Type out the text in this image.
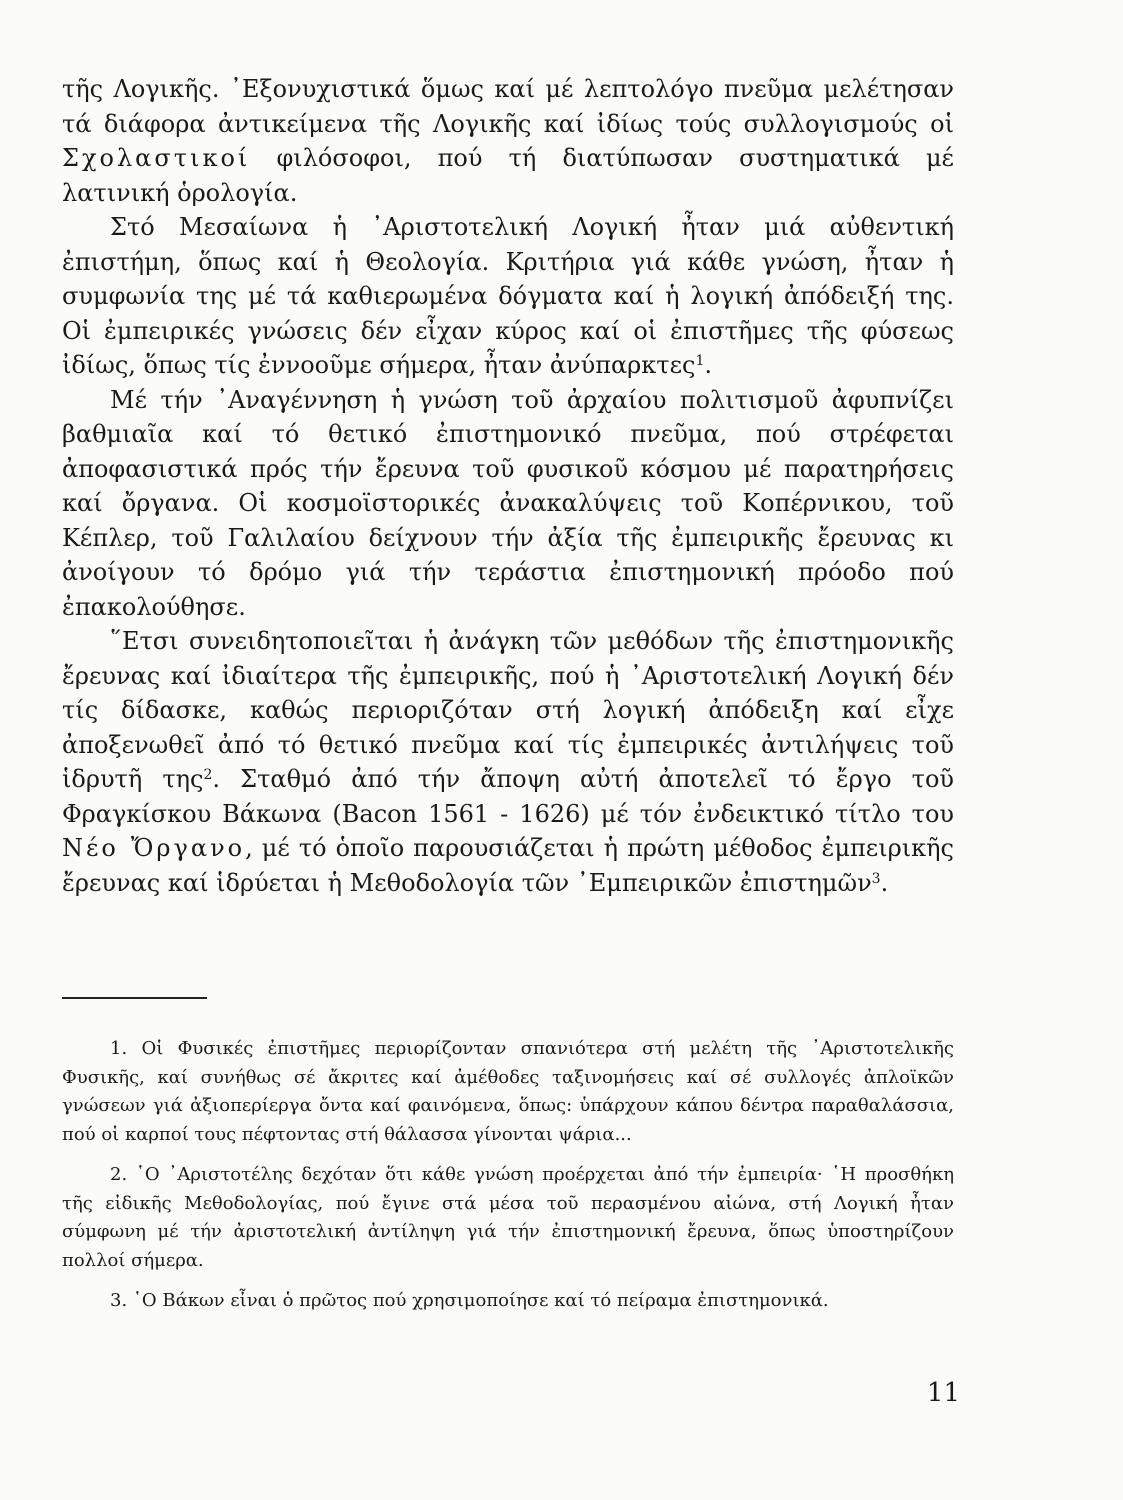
τῆς Λογικῆς. ᾿Εξονυχιστικά ὅμως καί μέ λεπτολόγο πνεῦμα μελέτησαν τά διάφορα ἀντικείμενα τῆς Λογικῆς καί ἰδίως τούς συλλογισμούς οἱ Σχολαστικοί φιλόσοφοι, πού τή διατύπωσαν συστηματικά μέ λατινική ὁρολογία.

Στό Μεσαίωνα ἡ ᾿Αριστοτελική Λογική ἦταν μιά αὐθεντική ἐπιστήμη, ὅπως καί ἡ Θεολογία. Κριτήρια γιά κάθε γνώση, ἦταν ἡ συμφωνία της μέ τά καθιερωμένα δόγματα καί ἡ λογική ἀπόδειξή της. Οἱ ἐμπειρικές γνώσεις δέν εἶχαν κύρος καί οἱ ἐπιστῆμες τῆς φύσεως ἰδίως, ὅπως τίς ἐννοοῦμε σήμερα, ἦταν ἀνύπαρκτες$^1$.

Μέ τήν ᾿Αναγέννηση ἡ γνώση τοῦ ἀρχαίου πολιτισμοῦ ἀφυπνίζει βαθμιαῖα καί τό θετικό ἐπιστημονικό πνεῦμα, πού στρέφεται ἀποφασιστικά πρός τήν ἔρευνα τοῦ φυσικοῦ κόσμου μέ παρατηρήσεις καί ὄργανα. Οἱ κοσμοϊστορικές ἀνακαλύψεις τοῦ Κοπέρνικου, τοῦ Κέπλερ, τοῦ Γαλιλαίου δείχνουν τήν ἀξία τῆς ἐμπειρικῆς ἔρευνας κι ἀνοίγουν τό δρόμο γιά τήν τεράστια ἐπιστημονική πρόοδο πού ἐπακολούθησε.

῞Ετσι συνειδητοποιεῖται ἡ ἀνάγκη τῶν μεθόδων τῆς ἐπιστημονικῆς ἔρευνας καί ἰδιαίτερα τῆς ἐμπειρικῆς, πού ἡ ᾿Αριστοτελική Λογική δέν τίς δίδασκε, καθώς περιοριζόταν στή λογική ἀπόδειξη καί εἶχε ἀποξενωθεῖ ἀπό τό θετικό πνεῦμα καί τίς ἐμπειρικές ἀντιλήψεις τοῦ ἱδρυτῆ της$^2$. Σταθμό ἀπό τήν ἄποψη αὐτή ἀποτελεῖ τό ἔργο τοῦ Φραγκίσκου Βάκωνα (Bacon 1561 - 1626) μέ τόν ἐνδεικτικό τίτλο του Νέο Ὄργανο, μέ τό ὁποῖο παρουσιάζεται ἡ πρώτη μέθοδος ἐμπειρικῆς ἔρευνας καί ἱδρύεται ἡ Μεθοδολογία τῶν ᾿Εμπειρικῶν ἐπιστημῶν$^3$.

1. Οἱ Φυσικές ἐπιστῆμες περιορίζονταν σπανιότερα στή μελέτη τῆς ᾿Αριστοτελικῆς Φυσικῆς, καί συνήθως σέ ἄκριτες καί ἀμέθοδες ταξινομήσεις καί σέ συλλογές ἀπλοϊκῶν γνώσεων γιά ἀξιοπερίεργα ὄντα καί φαινόμενα, ὅπως: ὑπάρχουν κάπου δέντρα παραθαλάσσια, πού οἱ καρποί τους πέφτοντας στή θάλασσα γίνονται ψάρια...

2. ῾Ο ᾿Αριστοτέλης δεχόταν ὅτι κάθε γνώση προέρχεται ἀπό τήν ἐμπειρία· ῾Η προσθήκη τῆς εἰδικῆς Μεθοδολογίας, πού ἔγινε στά μέσα τοῦ περασμένου αἰώνα, στή Λογική ἦταν σύμφωνη μέ τήν ἀριστοτελική ἀντίληψη γιά τήν ἐπιστημονική ἔρευνα, ὅπως ὑποστηρίζουν πολλοί σήμερα.

3. ῾Ο Βάκων εἶναι ὁ πρῶτος πού χρησιμοποίησε καί τό πείραμα ἐπιστημονικά.

11
